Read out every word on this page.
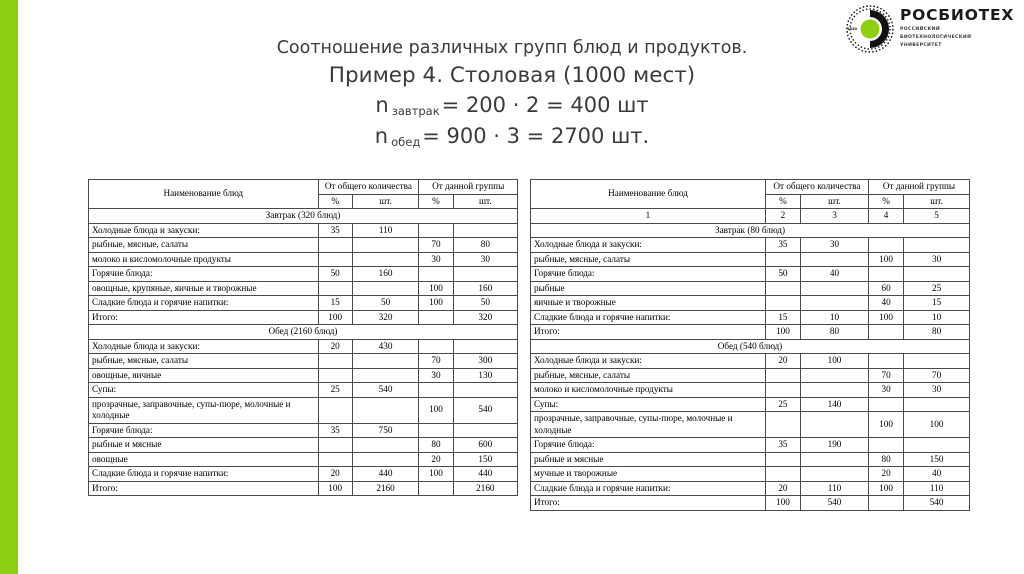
1930
РОСБИОТЕХ
РОССИЙСКИЙ
БИОТЕХНОЛОГИЧЕСКИЙ
УНИВЕРСИТЕТ
Соотношение различных групп блюд и продуктов.
Пример 4. Столовая (1000 мест)
n $_{завтрак}$= 200 · 2 = 400 шт
n $_{обед}$= 900 · 3 = 2700 шт.
Наименование блюд	От общего количества		От данной группы	
	%	шт.	%	шт.
Завтрак (320 блюд)				
Холодные блюда и закуски:	35	110		
рыбные, мясные, салаты			70	80
молоко и кисломолочные продукты			30	30
Горячие блюда:	50	160		
овощные, крупяные, яичные и творожные			100	160
Сладкие блюда и горячие напитки:	15	50	100	50
Итого:	100	320		320
Обед (2160 блюд)				
Холодные блюда и закуски:	20	430		
рыбные, мясные, салаты			70	300
овощные, яичные			30	130
Супы:	25	540		
прозрачные, заправочные, супы-пюре, молочные и холодные			100	540
Горячие блюда:	35	750		
рыбные и мясные			80	600
овощные			20	150
Сладкие блюда и горячие напитки:	20	440	100	440
Итого:	100	2160		2160
Наименование блюд	От общего количества		От данной группы	
	%	шт.	%	шт.
1	2	3	4	5
Завтрак (80 блюд)				
Холодные блюда и закуски:	35	30		
рыбные, мясные, салаты			100	30
Горячие блюда:	50	40		
рыбные			60	25
яичные и творожные			40	15
Сладкие блюда и горячие напитки:	15	10	100	10
Итого:	100	80		80
Обед (540 блюд)				
Холодные блюда и закуски:	20	100		
рыбные, мясные, салаты			70	70
молоко и кисломолочные продукты			30	30
Супы:	25	140		
прозрачные, заправочные, супы-пюре, молочные и холодные			100	100
Горячие блюда:	35	190		
рыбные и мясные			80	150
мучные и творожные			20	40
Сладкие блюда и горячие напитки:	20	110	100	110
Итого:	100	540		540
